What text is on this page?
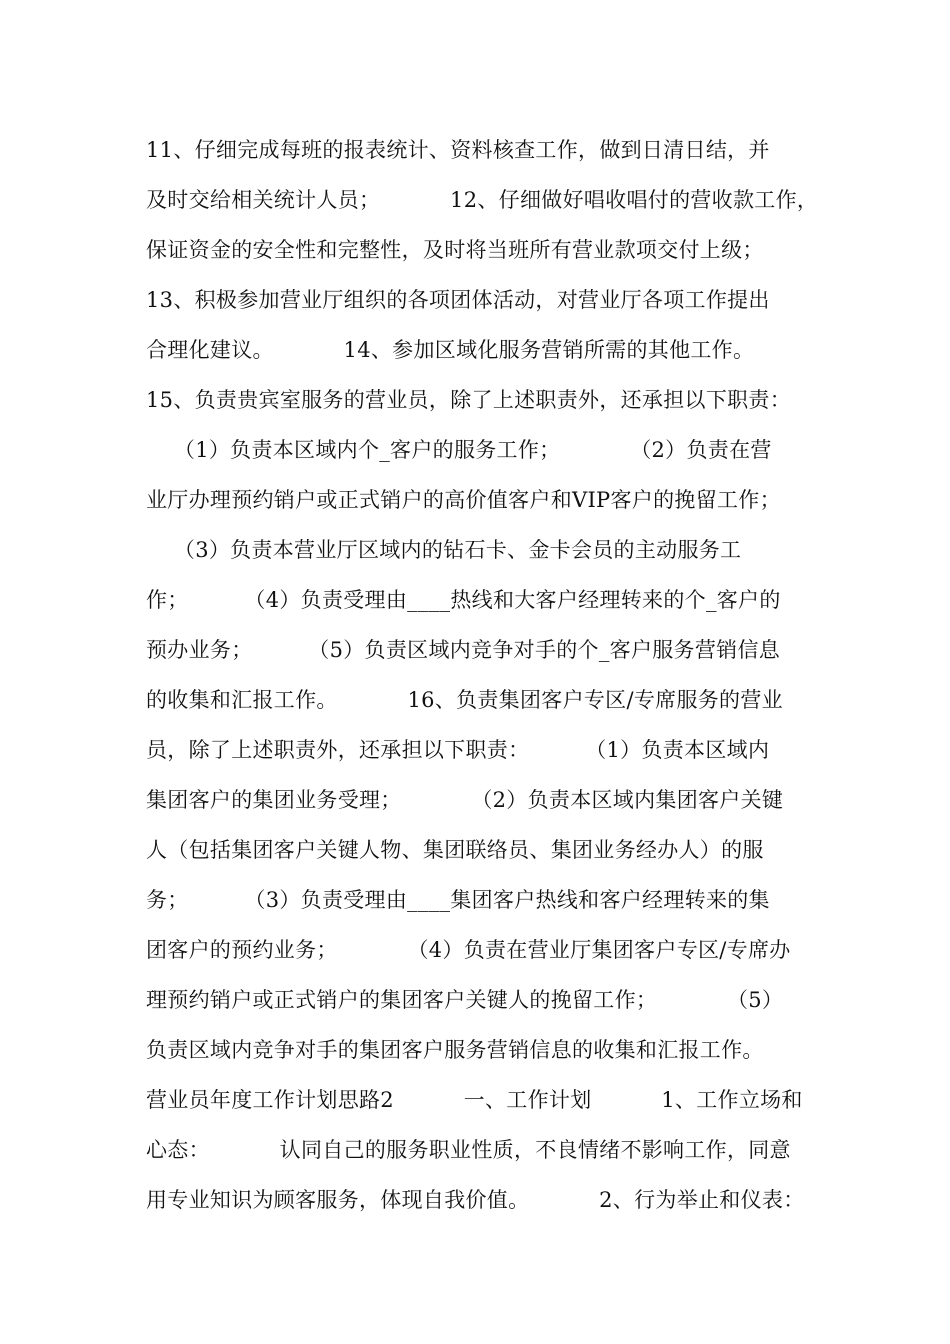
11、仔细完成每班的报表统计、资料核查工作，做到日清日结，并
及时交给相关统计人员；          12、仔细做好唱收唱付的营收款工作，
保证资金的安全性和完整性，及时将当班所有营业款项交付上级；
13、积极参加营业厅组织的各项团体活动，对营业厅各项工作提出
合理化建议。          14、参加区域化服务营销所需的其他工作。
15、负责贵宾室服务的营业员，除了上述职责外，还承担以下职责：
（1）负责本区域内个_客户的服务工作；          （2）负责在营
业厅办理预约销户或正式销户的高价值客户和VIP客户的挽留工作；
（3）负责本营业厅区域内的钻石卡、金卡会员的主动服务工
作；        （4）负责受理由____热线和大客户经理转来的个_客户的
预办业务；        （5）负责区域内竞争对手的个_客户服务营销信息
的收集和汇报工作。          16、负责集团客户专区/专席服务的营业
员，除了上述职责外，还承担以下职责：        （1）负责本区域内
集团客户的集团业务受理；          （2）负责本区域内集团客户关键
人（包括集团客户关键人物、集团联络员、集团业务经办人）的服
务；        （3）负责受理由____集团客户热线和客户经理转来的集
团客户的预约业务；          （4）负责在营业厅集团客户专区/专席办
理预约销户或正式销户的集团客户关键人的挽留工作；          （5）
负责区域内竞争对手的集团客户服务营销信息的收集和汇报工作。
营业员年度工作计划思路2          一、工作计划          1、工作立场和
心态：          认同自己的服务职业性质，不良情绪不影响工作，同意
用专业知识为顾客服务，体现自我价值。          2、行为举止和仪表：
